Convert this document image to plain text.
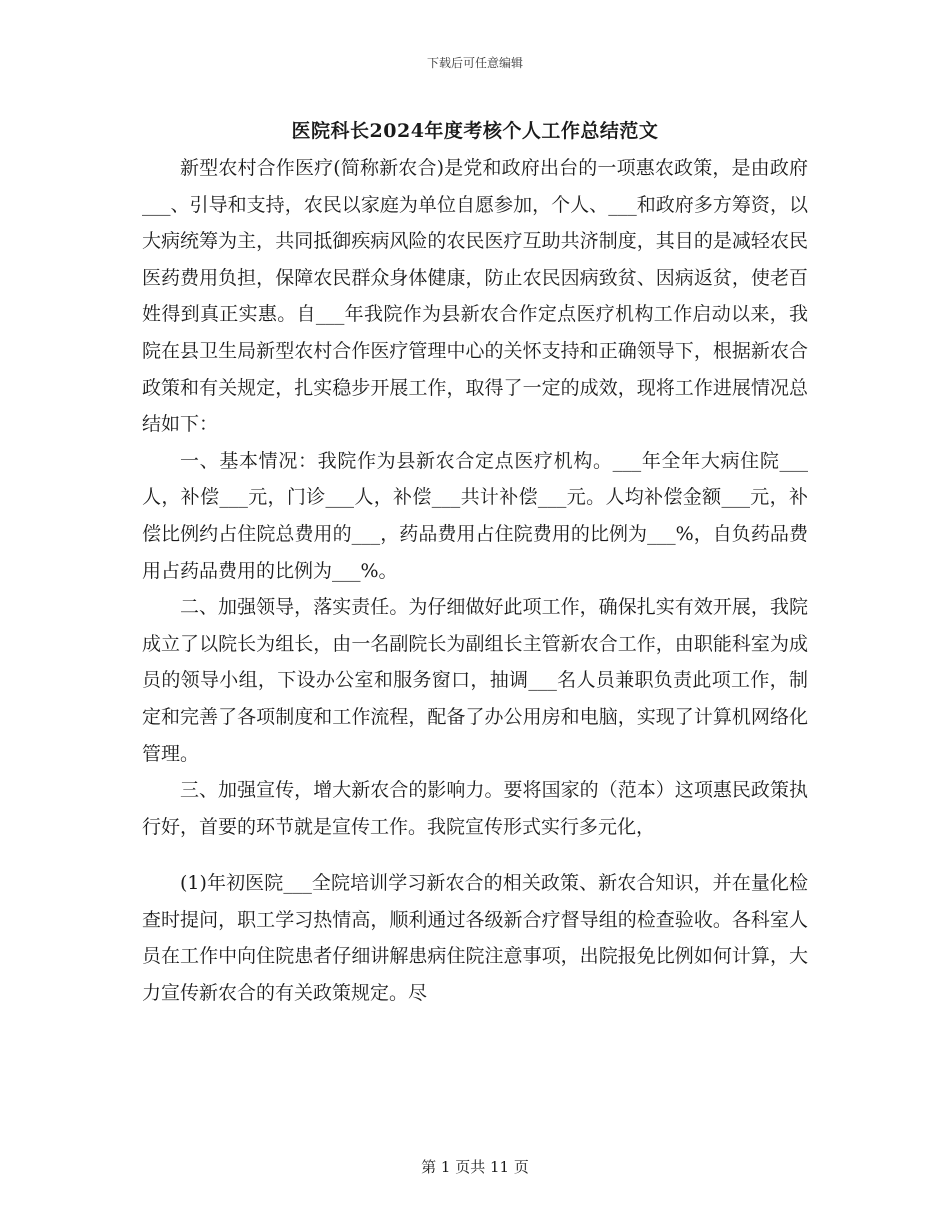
下载后可任意编辑
医院科长2024年度考核个人工作总结范文

新型农村合作医疗(简称新农合)是党和政府出台的一项惠农政策，是由政府___、引导和支持，农民以家庭为单位自愿参加，个人、___和政府多方筹资，以大病统筹为主，共同抵御疾病风险的农民医疗互助共济制度，其目的是减轻农民医药费用负担，保障农民群众身体健康，防止农民因病致贫、因病返贫，使老百姓得到真正实惠。自___年我院作为县新农合作定点医疗机构工作启动以来，我院在县卫生局新型农村合作医疗管理中心的关怀支持和正确领导下，根据新农合政策和有关规定，扎实稳步开展工作，取得了一定的成效，现将工作进展情况总结如下：

一、基本情况：我院作为县新农合定点医疗机构。___年全年大病住院___人，补偿___元，门诊___人，补偿___共计补偿___元。人均补偿金额___元，补偿比例约占住院总费用的___，药品费用占住院费用的比例为___%，自负药品费用占药品费用的比例为___%。

二、加强领导，落实责任。为仔细做好此项工作，确保扎实有效开展，我院成立了以院长为组长，由一名副院长为副组长主管新农合工作，由职能科室为成员的领导小组，下设办公室和服务窗口，抽调___名人员兼职负责此项工作，制定和完善了各项制度和工作流程，配备了办公用房和电脑，实现了计算机网络化管理。

三、加强宣传，增大新农合的影响力。要将国家的（范本）这项惠民政策执行好，首要的环节就是宣传工作。我院宣传形式实行多元化，

(1)年初医院___全院培训学习新农合的相关政策、新农合知识，并在量化检查时提问，职工学习热情高，顺利通过各级新合疗督导组的检查验收。各科室人员在工作中向住院患者仔细讲解患病住院注意事项，出院报免比例如何计算，大力宣传新农合的有关政策规定。尽

第 1 页共 11 页
